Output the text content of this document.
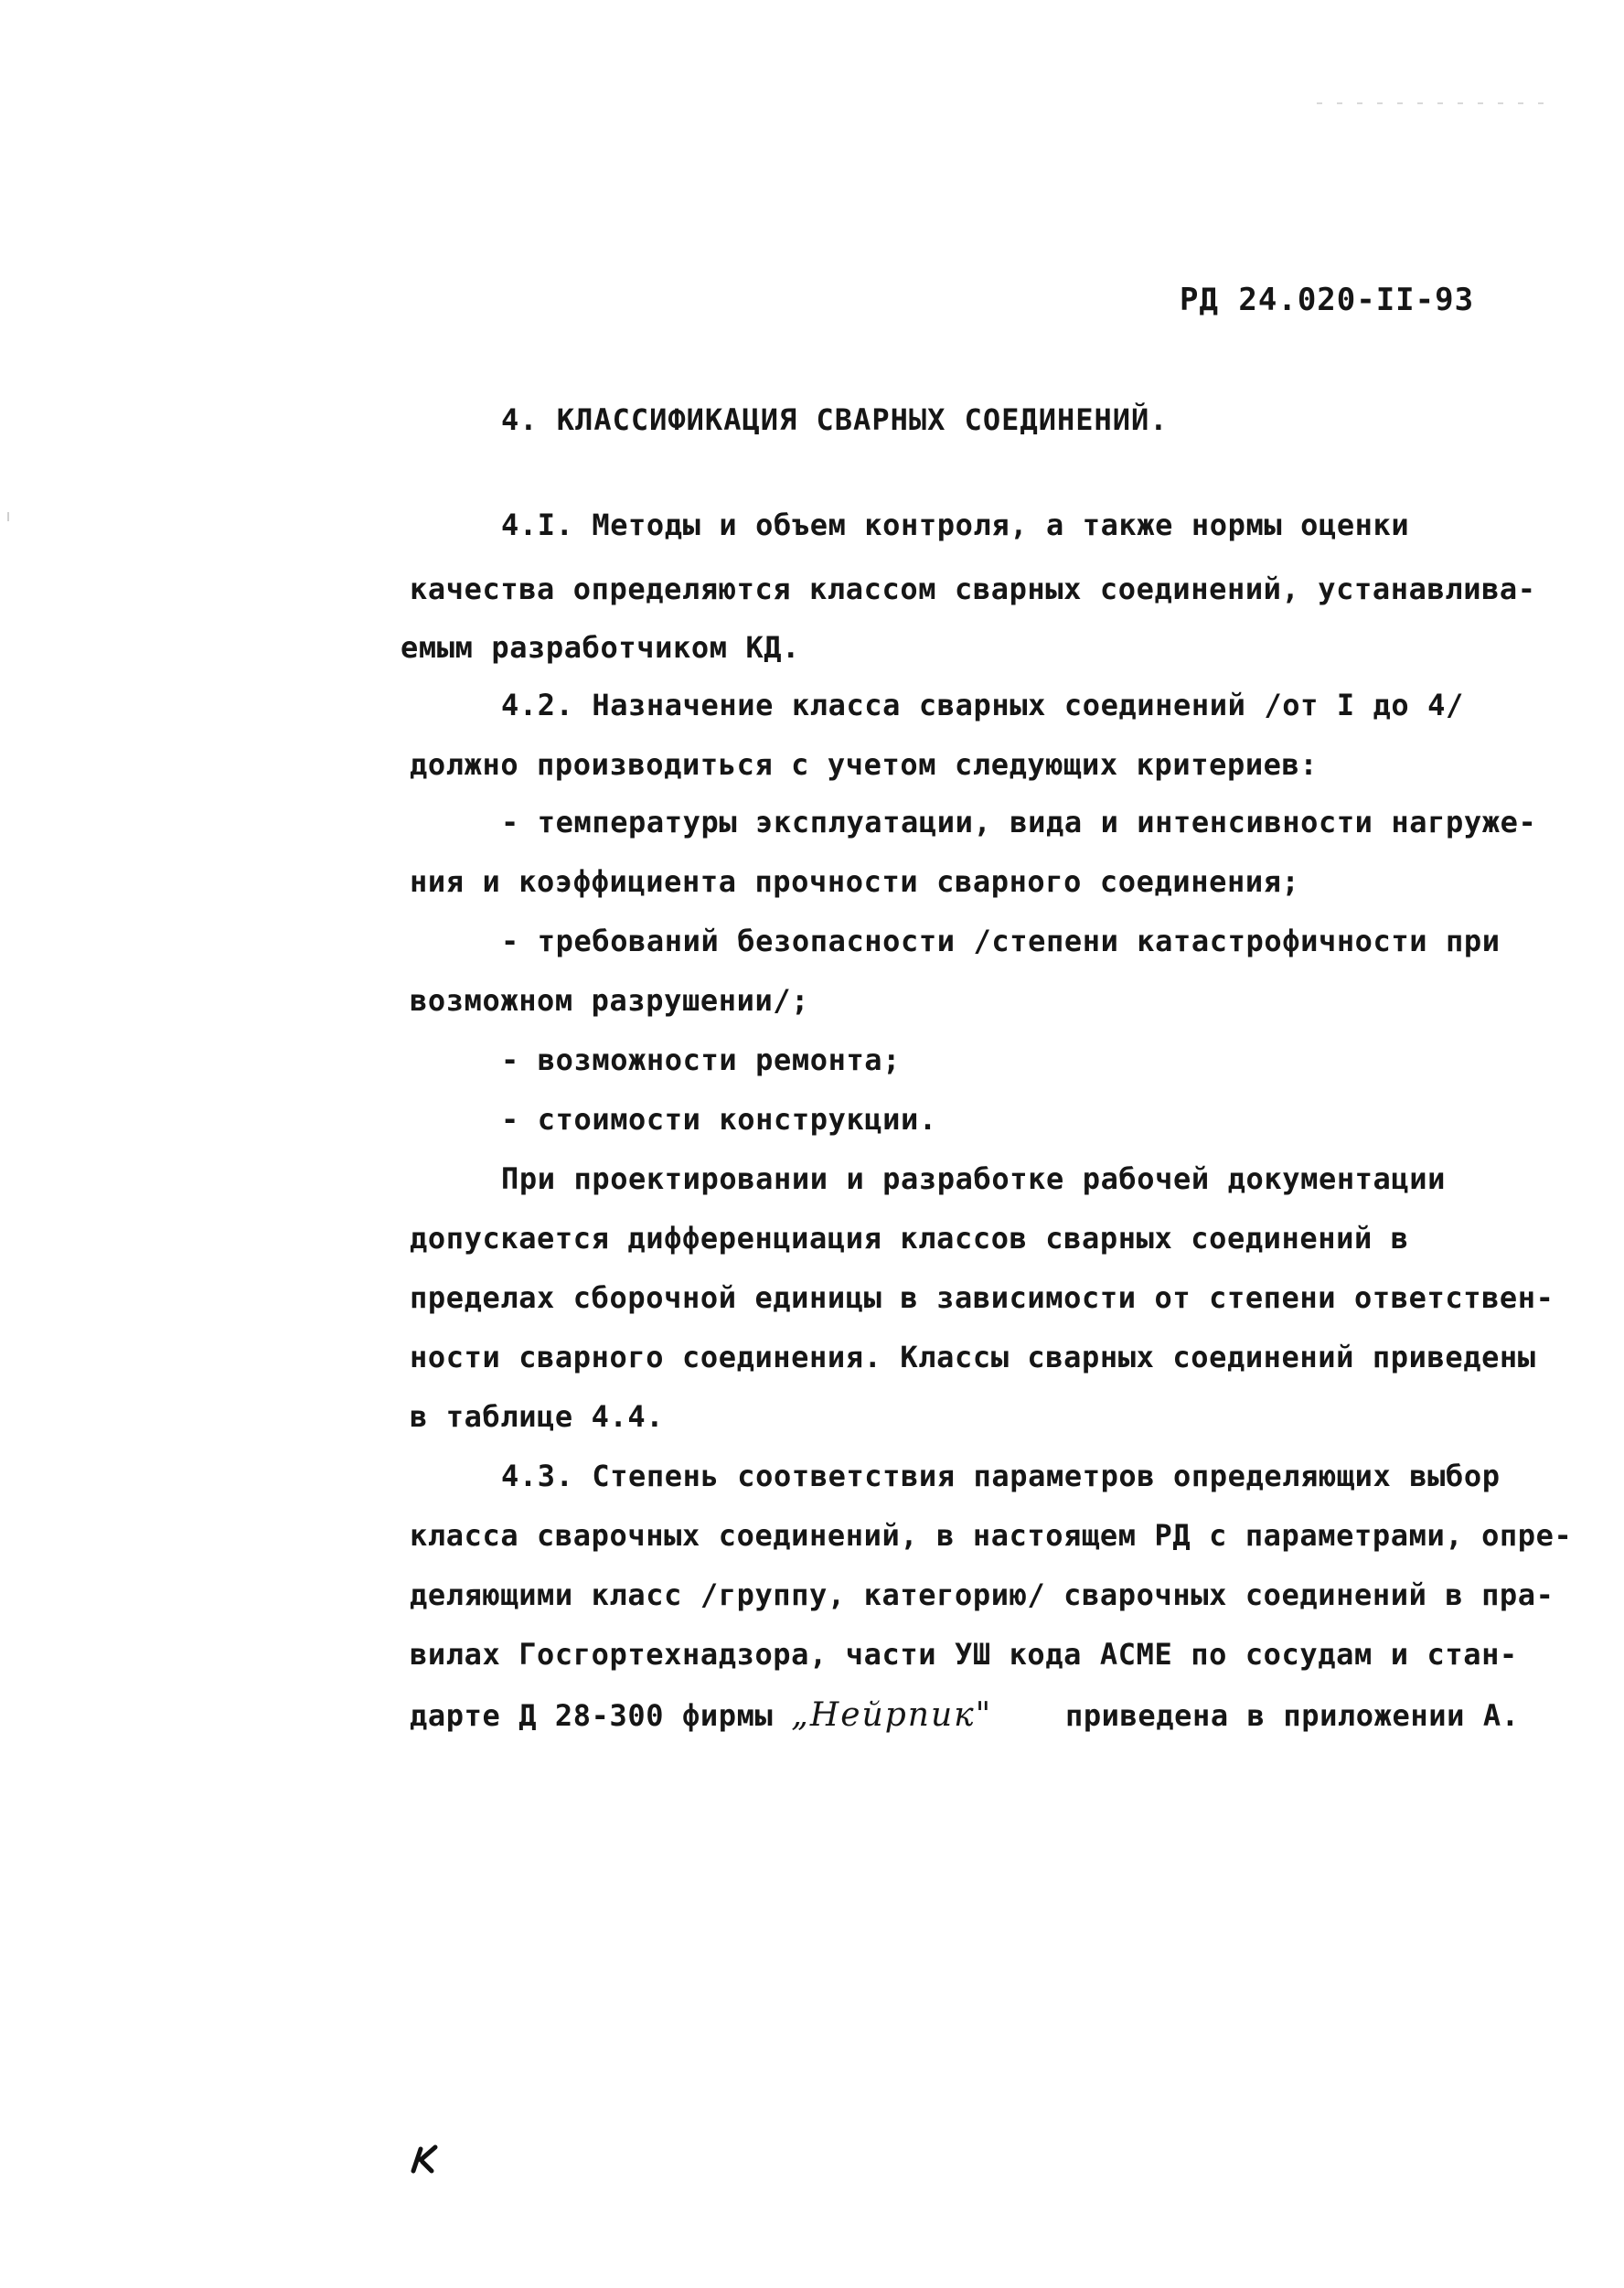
РД 24.020-II-93
4. КЛАССИФИКАЦИЯ СВАРНЫХ СОЕДИНЕНИЙ.
4.I. Методы и объем контроля, а также нормы оценки
качества определяются классом сварных соединений, устанавлива-
емым разработчиком КД.
4.2. Назначение класса сварных соединений /от I до 4/
должно производиться с учетом следующих критериев:
- температуры эксплуатации, вида и интенсивности нагруже-
ния и коэффициента прочности сварного соединения;
- требований безопасности /степени катастрофичности при
возможном разрушении/;
- возможности ремонта;
- стоимости конструкции.
При проектировании и разработке рабочей документации
допускается дифференциация классов сварных соединений в
пределах сборочной единицы в зависимости от степени ответствен-
ности сварного соединения. Классы сварных соединений приведены
в таблице 4.4.
4.3. Степень соответствия параметров определяющих выбор
класса сварочных соединений, в настоящем РД с параметрами, опре-
деляющими класс /группу, категорию/ сварочных соединений в пра-
вилах Госгортехнадзора, части УШ кода АСМЕ по сосудам и стан-
дарте Д 28-300 фирмы „Нейрпик" приведена в приложении А.
